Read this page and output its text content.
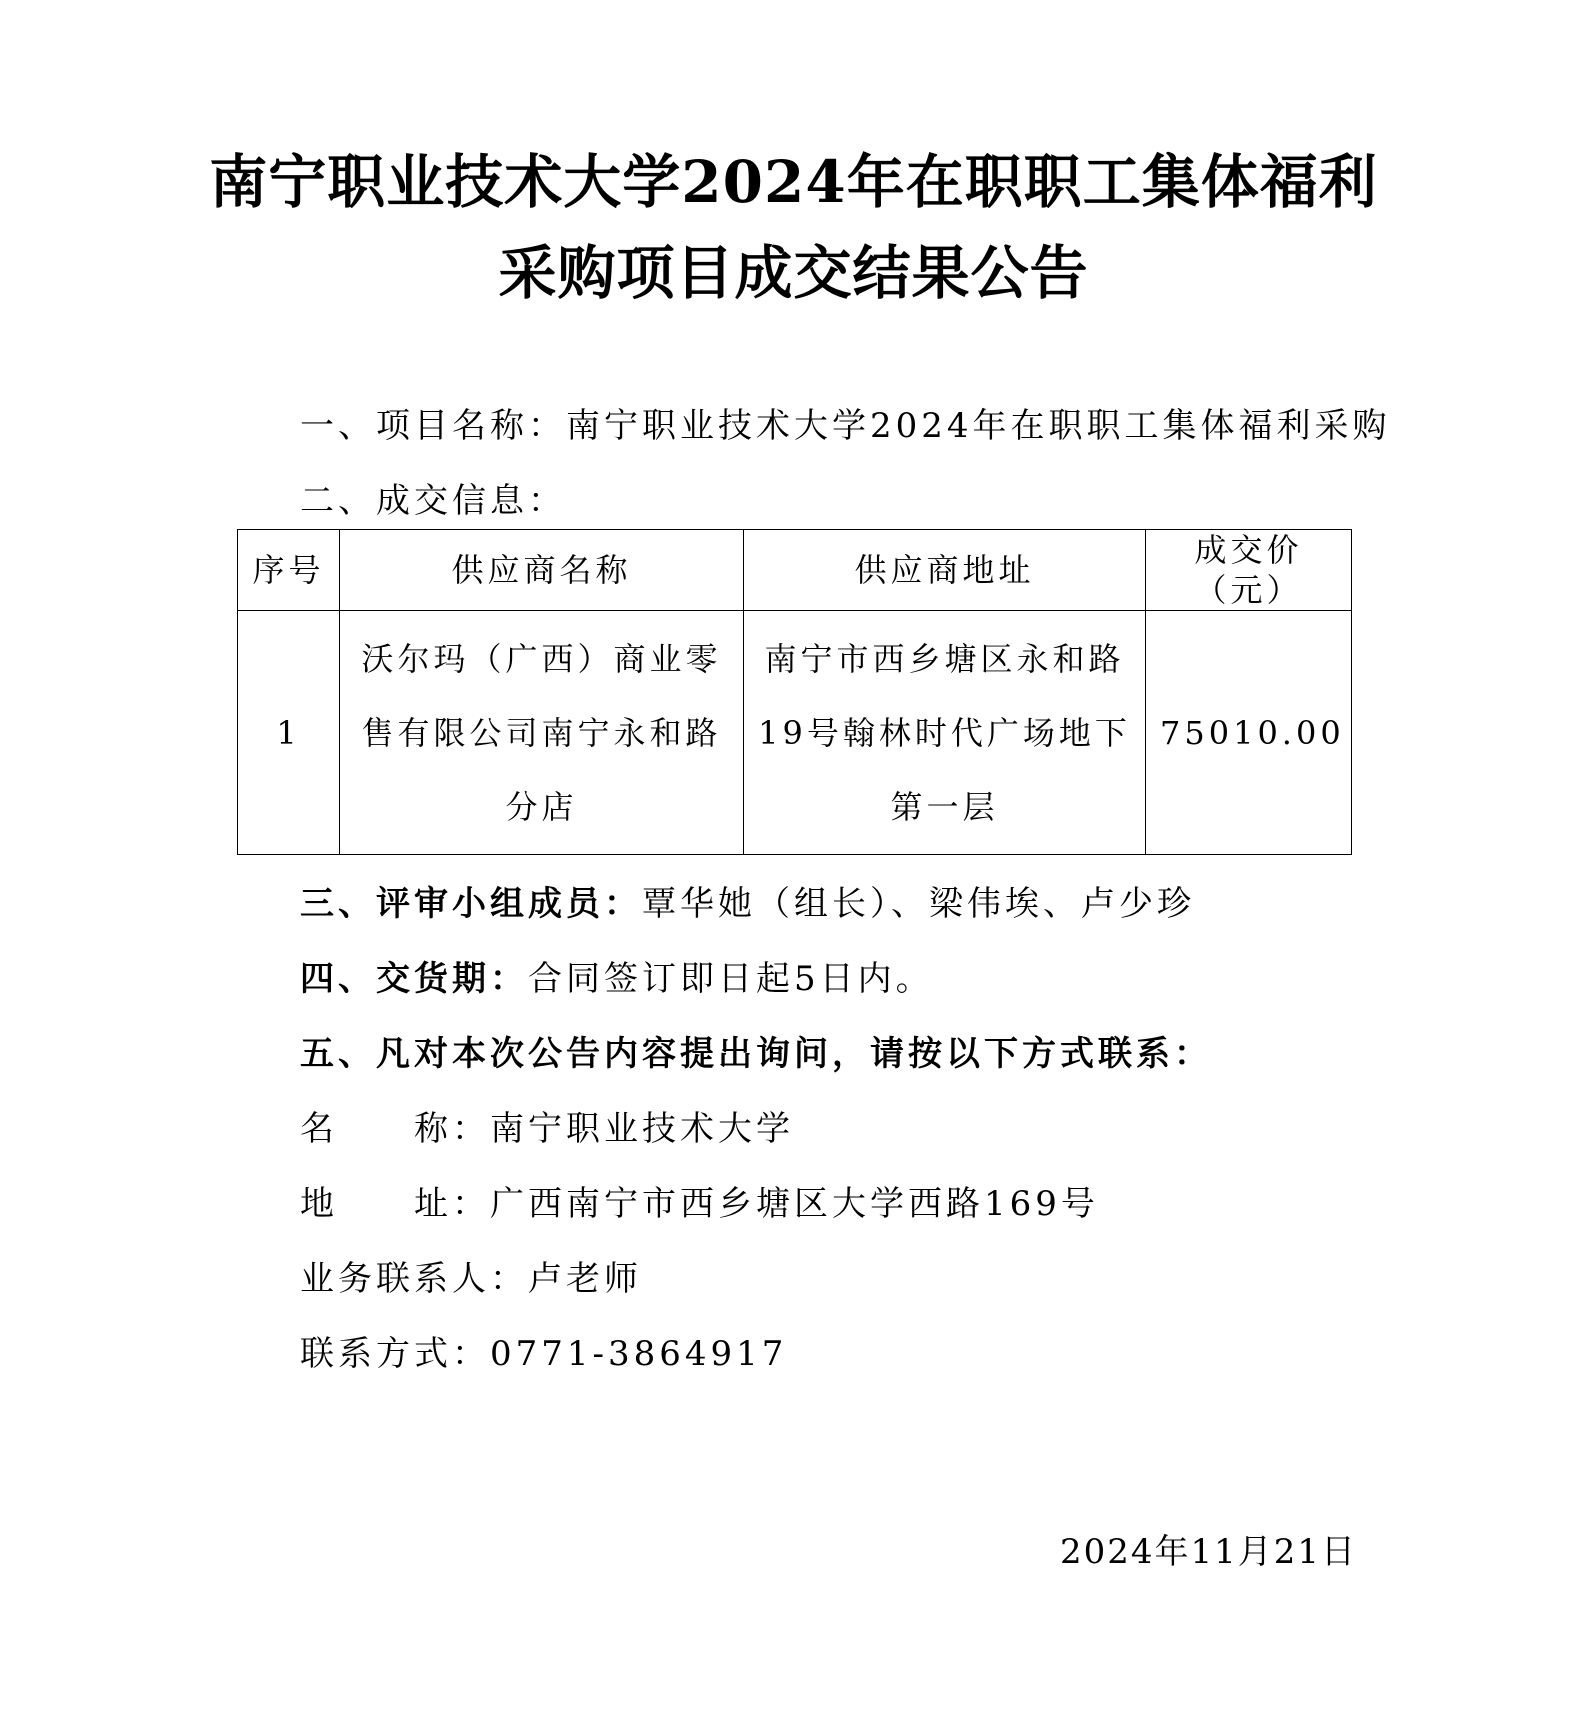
南宁职业技术大学2024年在职职工集体福利
采购项目成交结果公告
一、项目名称：南宁职业技术大学2024年在职职工集体福利采购
二、成交信息：
序号	供应商名称	供应商地址	成交价（元）
1	沃尔玛（广西）商业零售有限公司南宁永和路分店	南宁市西乡塘区永和路19号翰林时代广场地下第一层	75010.00
三、评审小组成员：覃华她（组长）、梁伟埃、卢少珍
四、交货期：合同签订即日起5日内。
五、凡对本次公告内容提出询问，请按以下方式联系：
名　　称：南宁职业技术大学
地　　址：广西南宁市西乡塘区大学西路169号
业务联系人：卢老师
联系方式：0771-3864917
2024年11月21日
